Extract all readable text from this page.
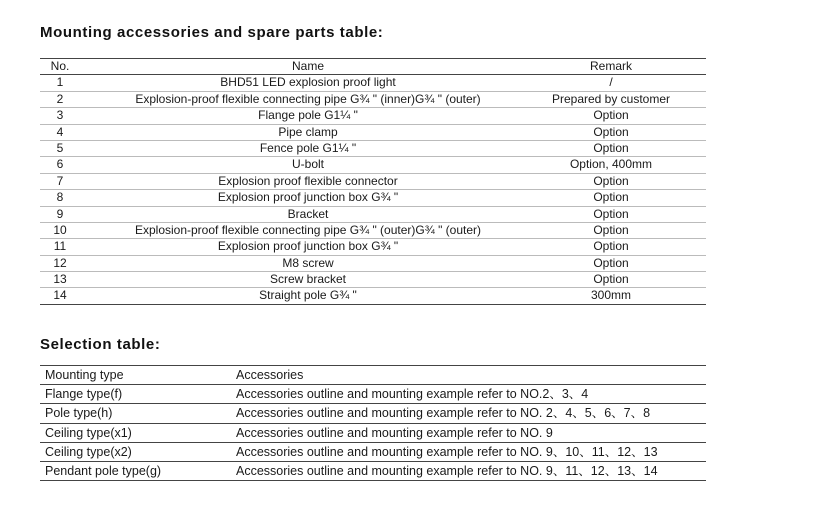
Mounting accessories and spare parts table:
No.	Name	Remark
1	BHD51 LED explosion proof light	/
2	Explosion-proof flexible connecting pipe G¾ " (inner)G¾ " (outer)	Prepared by customer
3	Flange pole G1¼ "	Option
4	Pipe clamp	Option
5	Fence pole G1¼ "	Option
6	U-bolt	Option, 400mm
7	Explosion proof flexible connector	Option
8	Explosion proof junction box G¾ "	Option
9	Bracket	Option
10	Explosion-proof flexible connecting pipe G¾ " (outer)G¾ " (outer)	Option
11	Explosion proof junction box G¾ "	Option
12	M8 screw	Option
13	Screw bracket	Option
14	Straight pole G¾ "	300mm
Selection table:
Mounting type	Accessories
Flange type(f)	Accessories outline and mounting example refer to NO.2、3、4
Pole type(h)	Accessories outline and mounting example refer to NO. 2、4、5、6、7、8
Ceiling type(x1)	Accessories outline and mounting example refer to NO. 9
Ceiling type(x2)	Accessories outline and mounting example refer to NO. 9、10、11、12、13
Pendant pole type(g)	Accessories outline and mounting example refer to NO. 9、11、12、13、14
